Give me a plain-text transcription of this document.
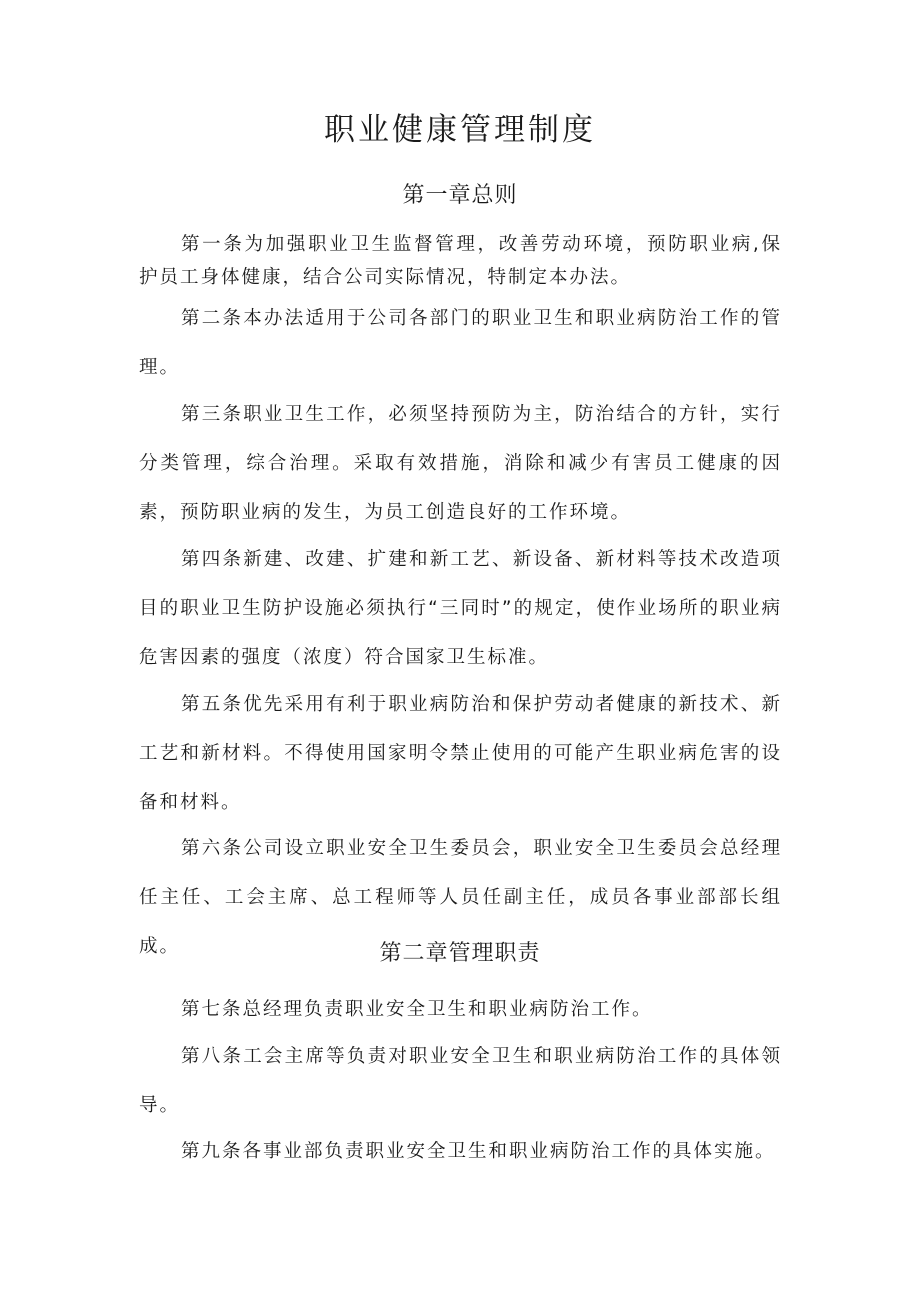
职业健康管理制度
第一章总则

第一条为加强职业卫生监督管理，改善劳动环境，预防职业病,保护员工身体健康，结合公司实际情况，特制定本办法。

第二条本办法适用于公司各部门的职业卫生和职业病防治工作的管理。

第三条职业卫生工作，必须坚持预防为主，防治结合的方针，实行分类管理，综合治理。采取有效措施，消除和减少有害员工健康的因素，预防职业病的发生，为员工创造良好的工作环境。

第四条新建、改建、扩建和新工艺、新设备、新材料等技术改造项目的职业卫生防护设施必须执行“三同时”的规定，使作业场所的职业病危害因素的强度（浓度）符合国家卫生标准。

第五条优先采用有利于职业病防治和保护劳动者健康的新技术、新工艺和新材料。不得使用国家明令禁止使用的可能产生职业病危害的设备和材料。

第六条公司设立职业安全卫生委员会，职业安全卫生委员会总经理任主任、工会主席、总工程师等人员任副主任，成员各事业部部长组成。	第二章管理职责

第七条总经理负责职业安全卫生和职业病防治工作。

第八条工会主席等负责对职业安全卫生和职业病防治工作的具体领导。

第九条各事业部负责职业安全卫生和职业病防治工作的具体实施。
